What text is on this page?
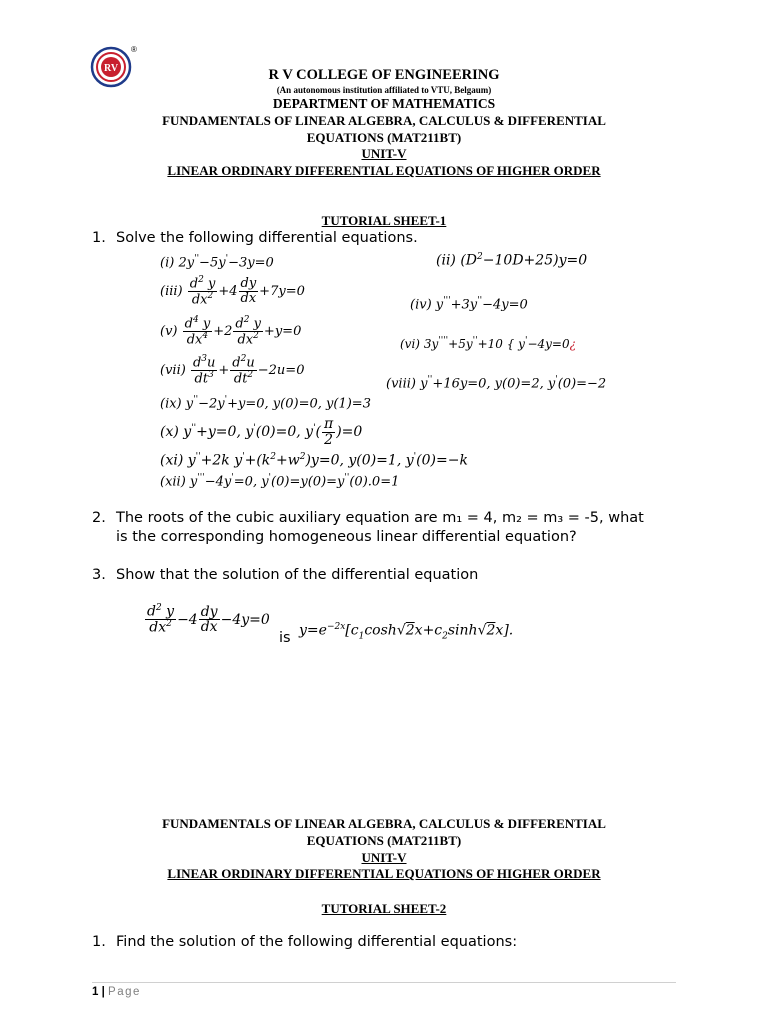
RV
®
R V COLLEGE OF ENGINEERING
(An autonomous institution affiliated to VTU, Belgaum)
DEPARTMENT OF MATHEMATICS
FUNDAMENTALS OF LINEAR ALGEBRA, CALCULUS & DIFFERENTIAL
EQUATIONS (MAT211BT)
UNIT-V
LINEAR ORDINARY DIFFERENTIAL EQUATIONS OF HIGHER ORDER
TUTORIAL SHEET-1
1. Solve the following differential equations.
(i) 2y''−5y'−3y=0	(ii) $(D^2-10D+25)y=0$
$(iii) \frac{d^2 y}{dx^2} +4 \frac{dy}{dx} +7y=0$
(iv) y'''+3y''−4y=0
$(v) \frac{d^4 y}{dx^4} +2 \frac{d^2 y}{dx^2} +y=0$
(vi) 3y''''+5y''+10 { y'−4y=0¿
$(vii) \frac{d^3u}{dt^3} + \frac{d^2u}{dt^2} -2u=0$
(viii) y''+16y=0, y(0)=2, y'(0)=−2
(ix) y''−2y'+y=0, y(0)=0, y(1)=3
(x) y''+y=0, y'(0)=0, $y'( \frac{\pi}{2} )=0$
(xi) y''+2k $y'+(k^2+w^2)y=0$, y(0)=1, y'(0)=−k
(xii) y'''−4y'=0, y'(0)=y(0)=y''(0).0=1
2. The roots of the cubic auxiliary equation are m₁ = 4, m₂ = m₃ = -5, what
is the corresponding homogeneous linear differential equation?
3. Show that the solution of the differential equation
$\frac{d^2 y}{dx^2} -4 \frac{dy}{dx} -4y=0$
is $y=e^{-2x}[c_1\cosh√2x+c_2\sinh√2x]$.
FUNDAMENTALS OF LINEAR ALGEBRA, CALCULUS & DIFFERENTIAL
EQUATIONS (MAT211BT)
UNIT-V
LINEAR ORDINARY DIFFERENTIAL EQUATIONS OF HIGHER ORDER
TUTORIAL SHEET-2
1. Find the solution of the following differential equations:
1 | Page
